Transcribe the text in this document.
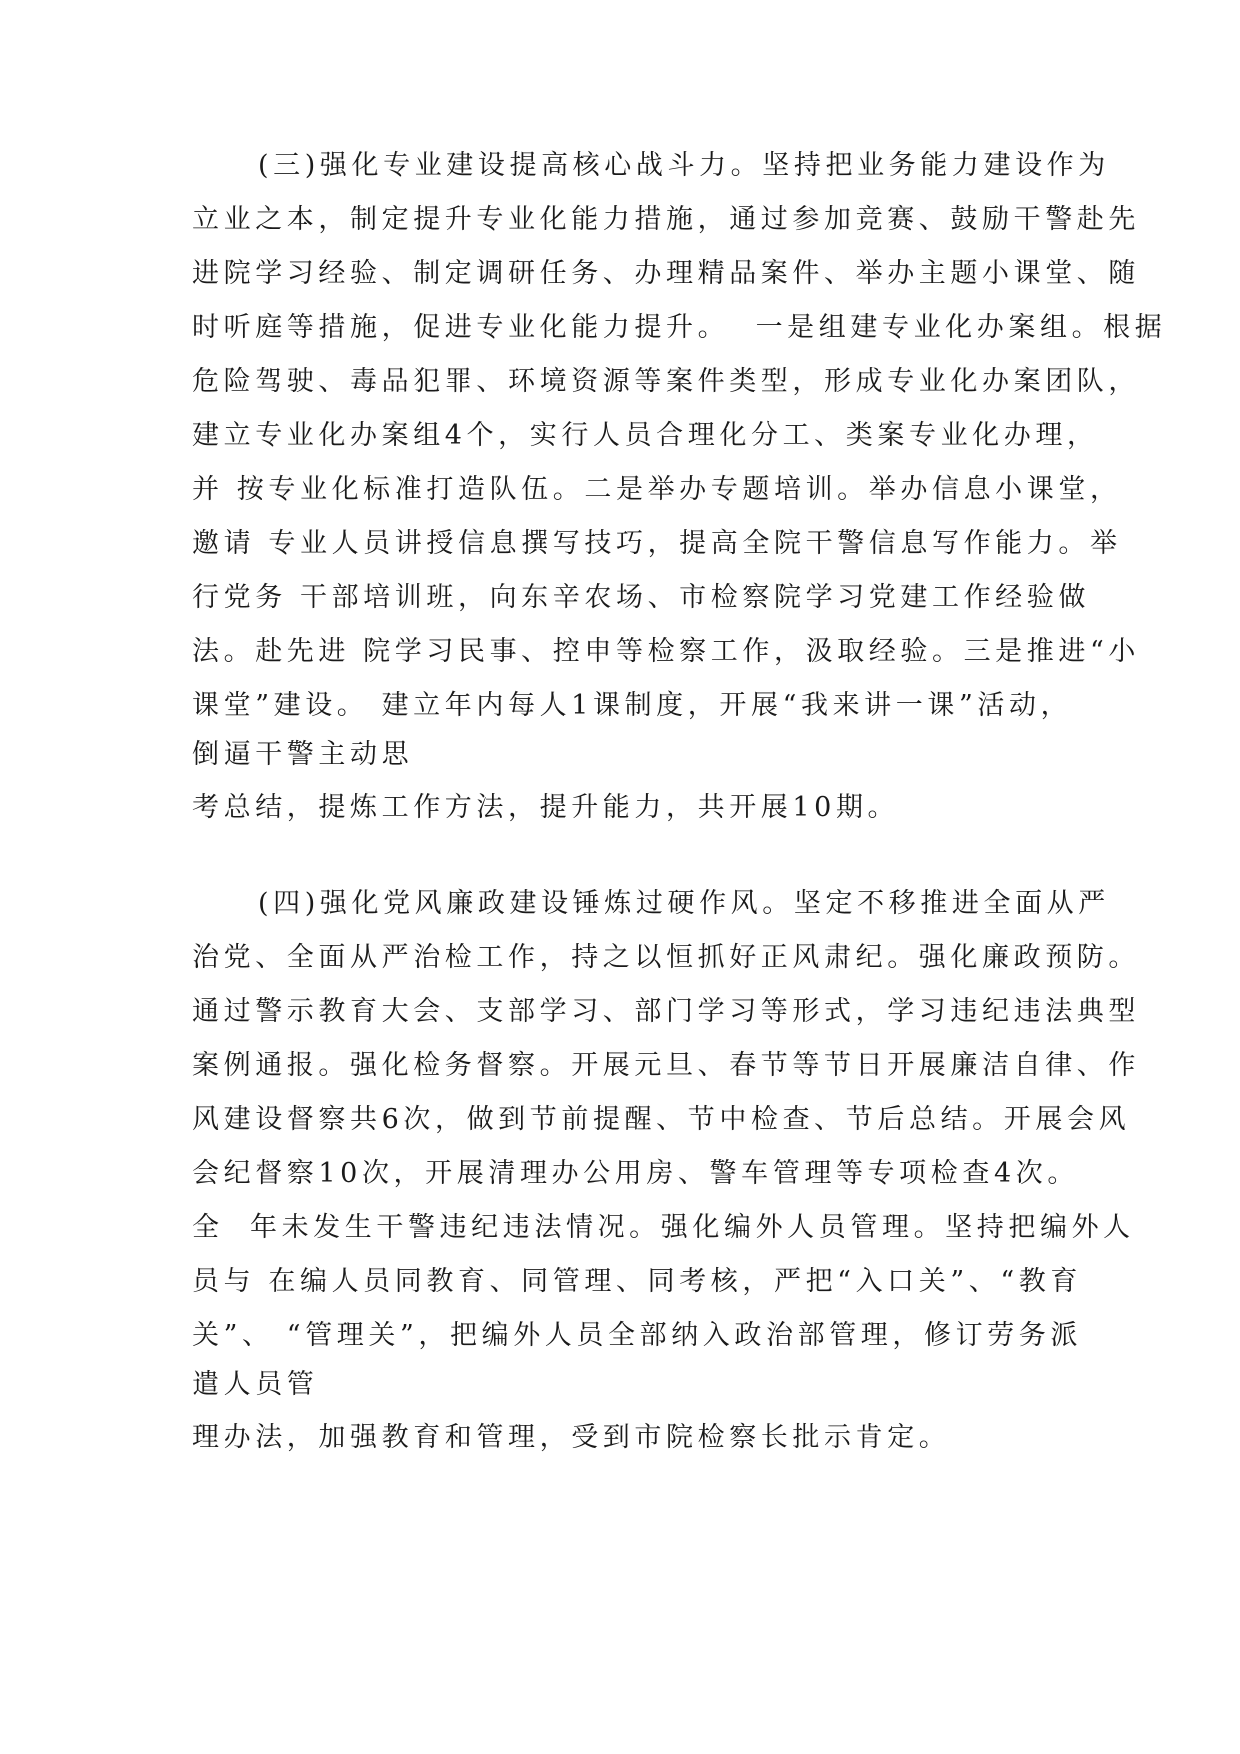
(三)强化专业建设提高核心战斗力。坚持把业务能力建设作为

立业之本，制定提升专业化能力措施，通过参加竞赛、鼓励干警赴先

进院学习经验、制定调研任务、办理精品案件、举办主题小课堂、随

时听庭等措施，促进专业化能力提升。  一是组建专业化办案组。根据

危险驾驶、毒品犯罪、环境资源等案件类型，形成专业化办案团队，

建立专业化办案组4个，实行人员合理化分工、类案专业化办理，

并 按专业化标准打造队伍。二是举办专题培训。举办信息小课堂，

邀请 专业人员讲授信息撰写技巧，提高全院干警信息写作能力。举

行党务 干部培训班，向东辛农场、市检察院学习党建工作经验做

法。赴先进 院学习民事、控申等检察工作，汲取经验。三是推进“小

课堂”建设。 建立年内每人1课制度，开展“我来讲一课”活动，

倒逼干警主动思

考总结，提炼工作方法，提升能力，共开展10期。

(四)强化党风廉政建设锤炼过硬作风。坚定不移推进全面从严

治党、全面从严治检工作，持之以恒抓好正风肃纪。强化廉政预防。

通过警示教育大会、支部学习、部门学习等形式，学习违纪违法典型

案例通报。强化检务督察。开展元旦、春节等节日开展廉洁自律、作

风建设督察共6次，做到节前提醒、节中检查、节后总结。开展会风

会纪督察10次，开展清理办公用房、警车管理等专项检查4次。

全  年未发生干警违纪违法情况。强化编外人员管理。坚持把编外人

员与 在编人员同教育、同管理、同考核，严把“入口关”、“教育

关”、 “管理关”，把编外人员全部纳入政治部管理，修订劳务派

遣人员管

理办法，加强教育和管理，受到市院检察长批示肯定。
